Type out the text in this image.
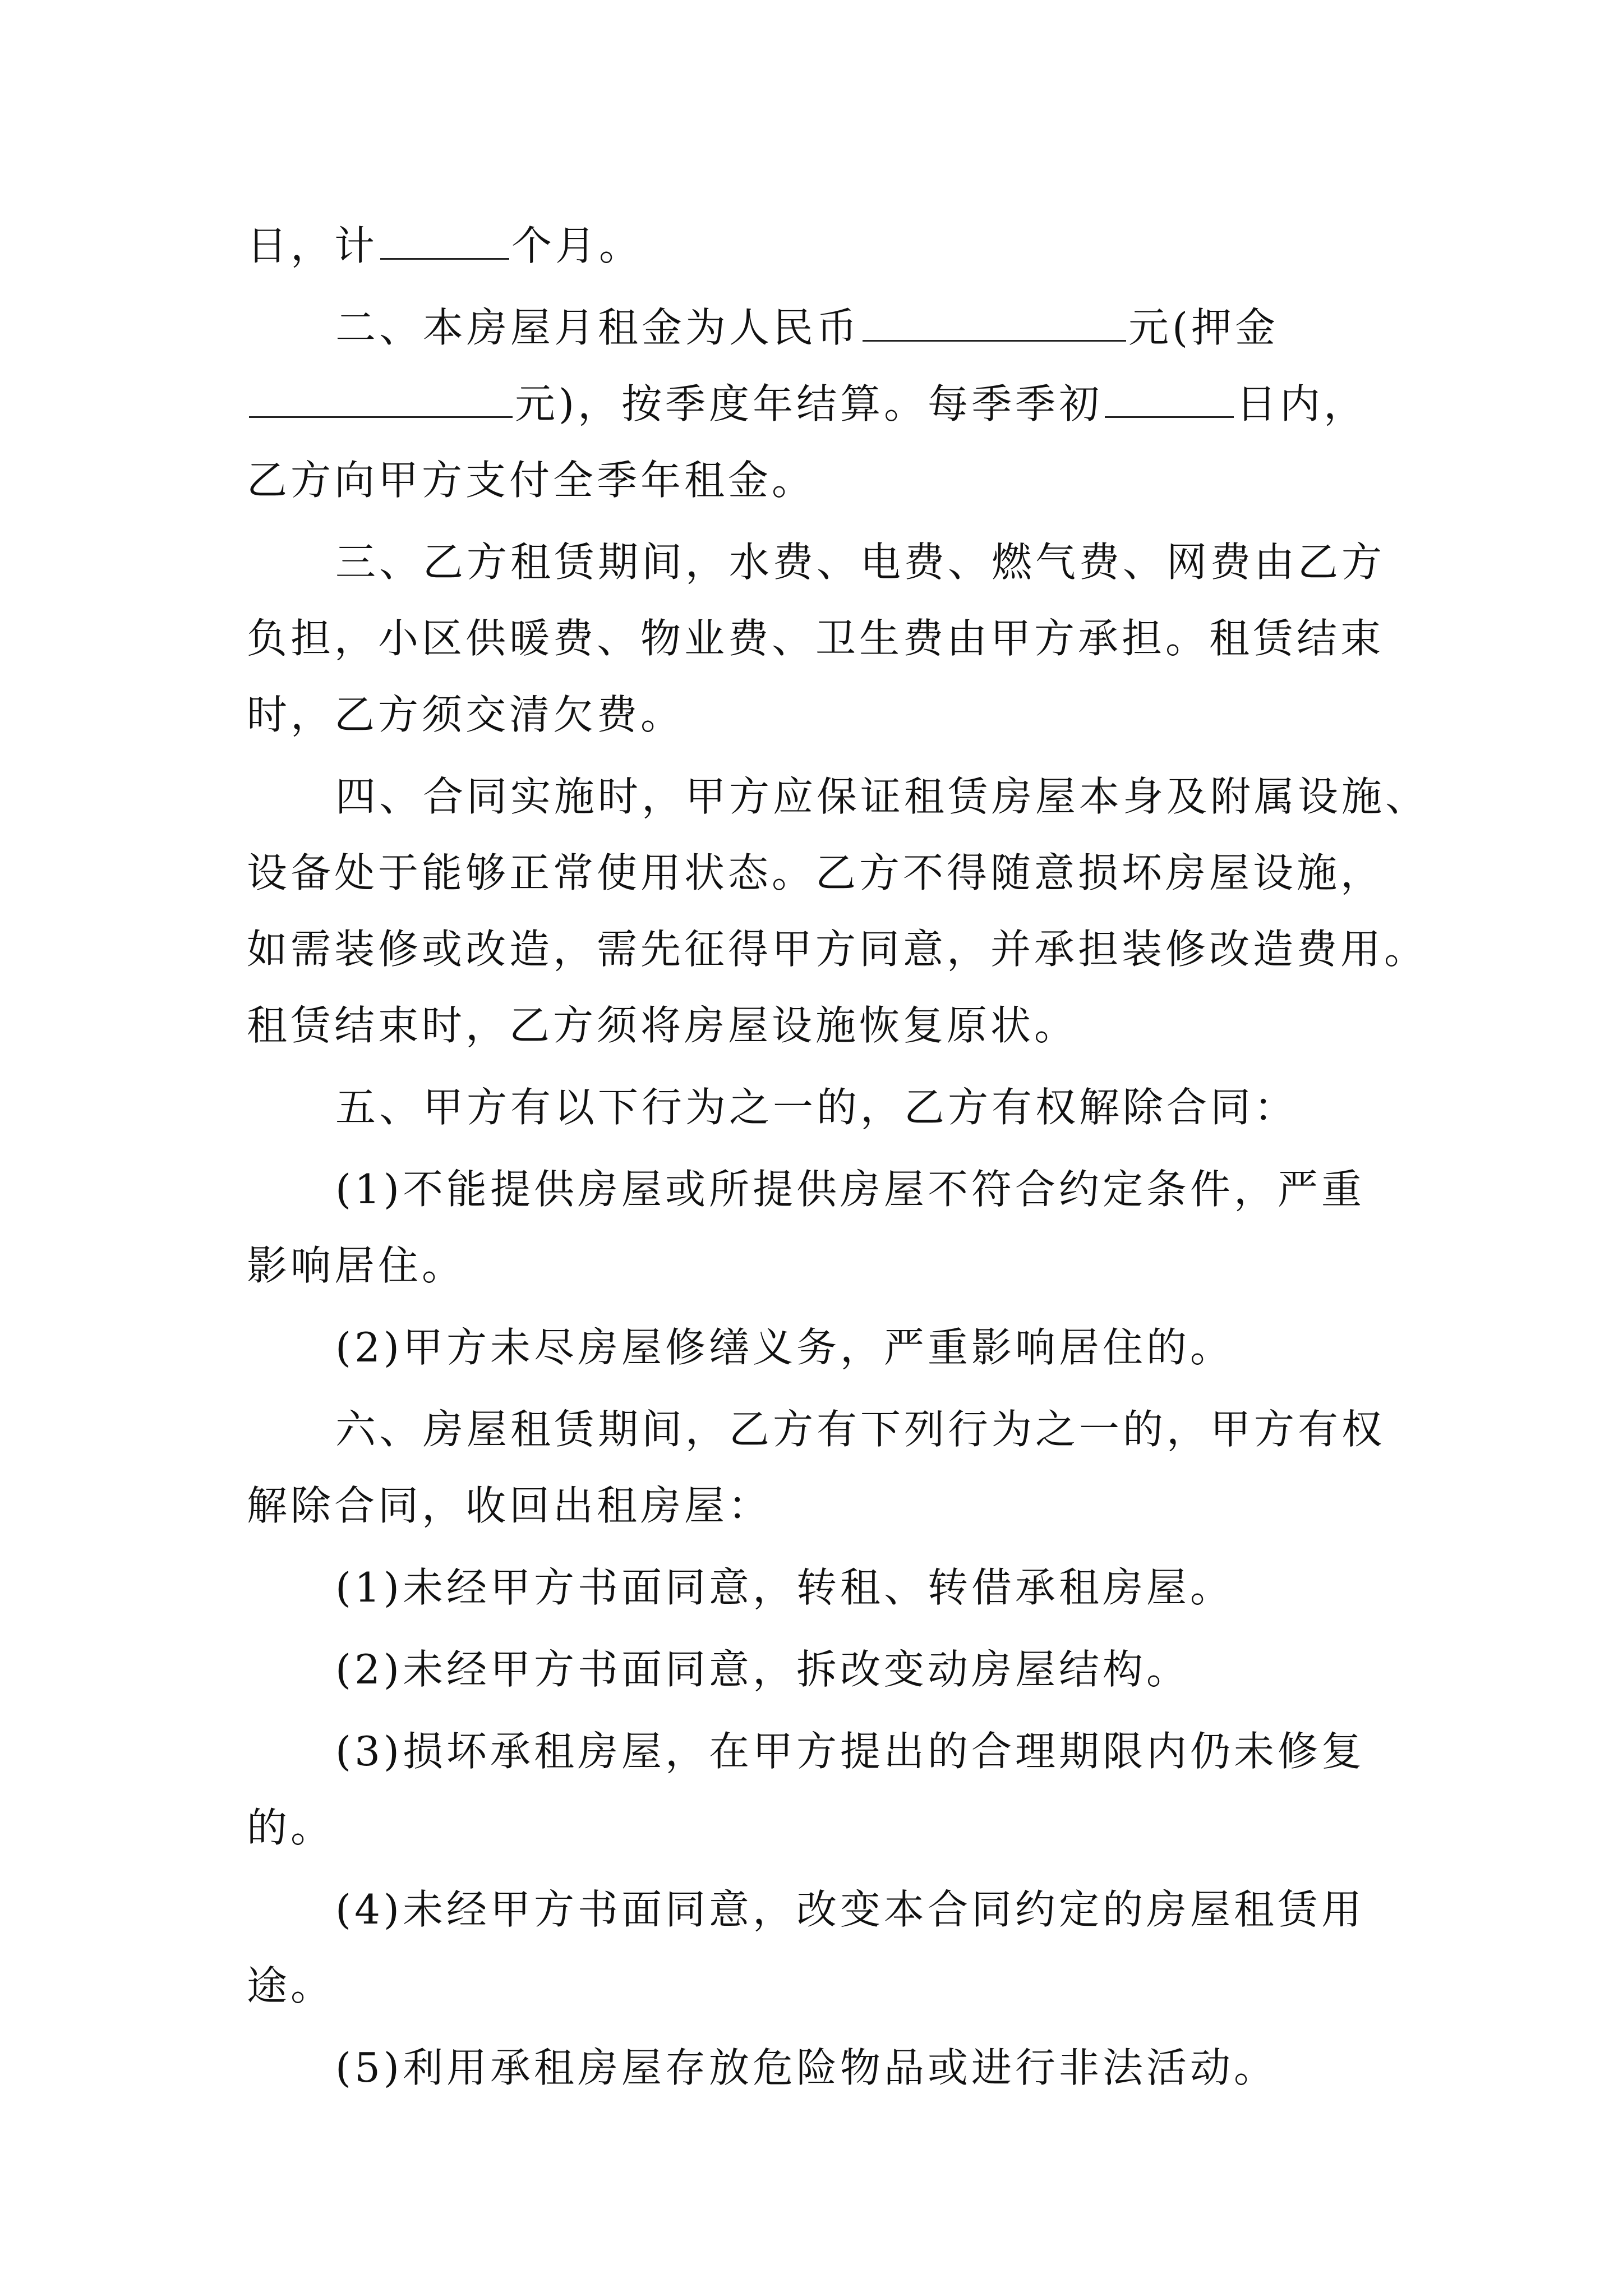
日，计	个月。
二、本房屋月租金为人民币	元(押金
元)，按季度年结算。每季季初	日内，
乙方向甲方支付全季年租金。
三、乙方租赁期间，水费、电费、燃气费、网费由乙方
负担，小区供暖费、物业费、卫生费由甲方承担。租赁结束
时，乙方须交清欠费。
四、合同实施时，甲方应保证租赁房屋本身及附属设施、
设备处于能够正常使用状态。乙方不得随意损坏房屋设施，
如需装修或改造，需先征得甲方同意，并承担装修改造费用。
租赁结束时，乙方须将房屋设施恢复原状。
五、甲方有以下行为之一的，乙方有权解除合同：
(1)不能提供房屋或所提供房屋不符合约定条件，严重
影响居住。
(2)甲方未尽房屋修缮义务，严重影响居住的。
六、房屋租赁期间，乙方有下列行为之一的，甲方有权
解除合同，收回出租房屋：
(1)未经甲方书面同意，转租、转借承租房屋。
(2)未经甲方书面同意，拆改变动房屋结构。
(3)损坏承租房屋，在甲方提出的合理期限内仍未修复
的。
(4)未经甲方书面同意，改变本合同约定的房屋租赁用
途。
(5)利用承租房屋存放危险物品或进行非法活动。
